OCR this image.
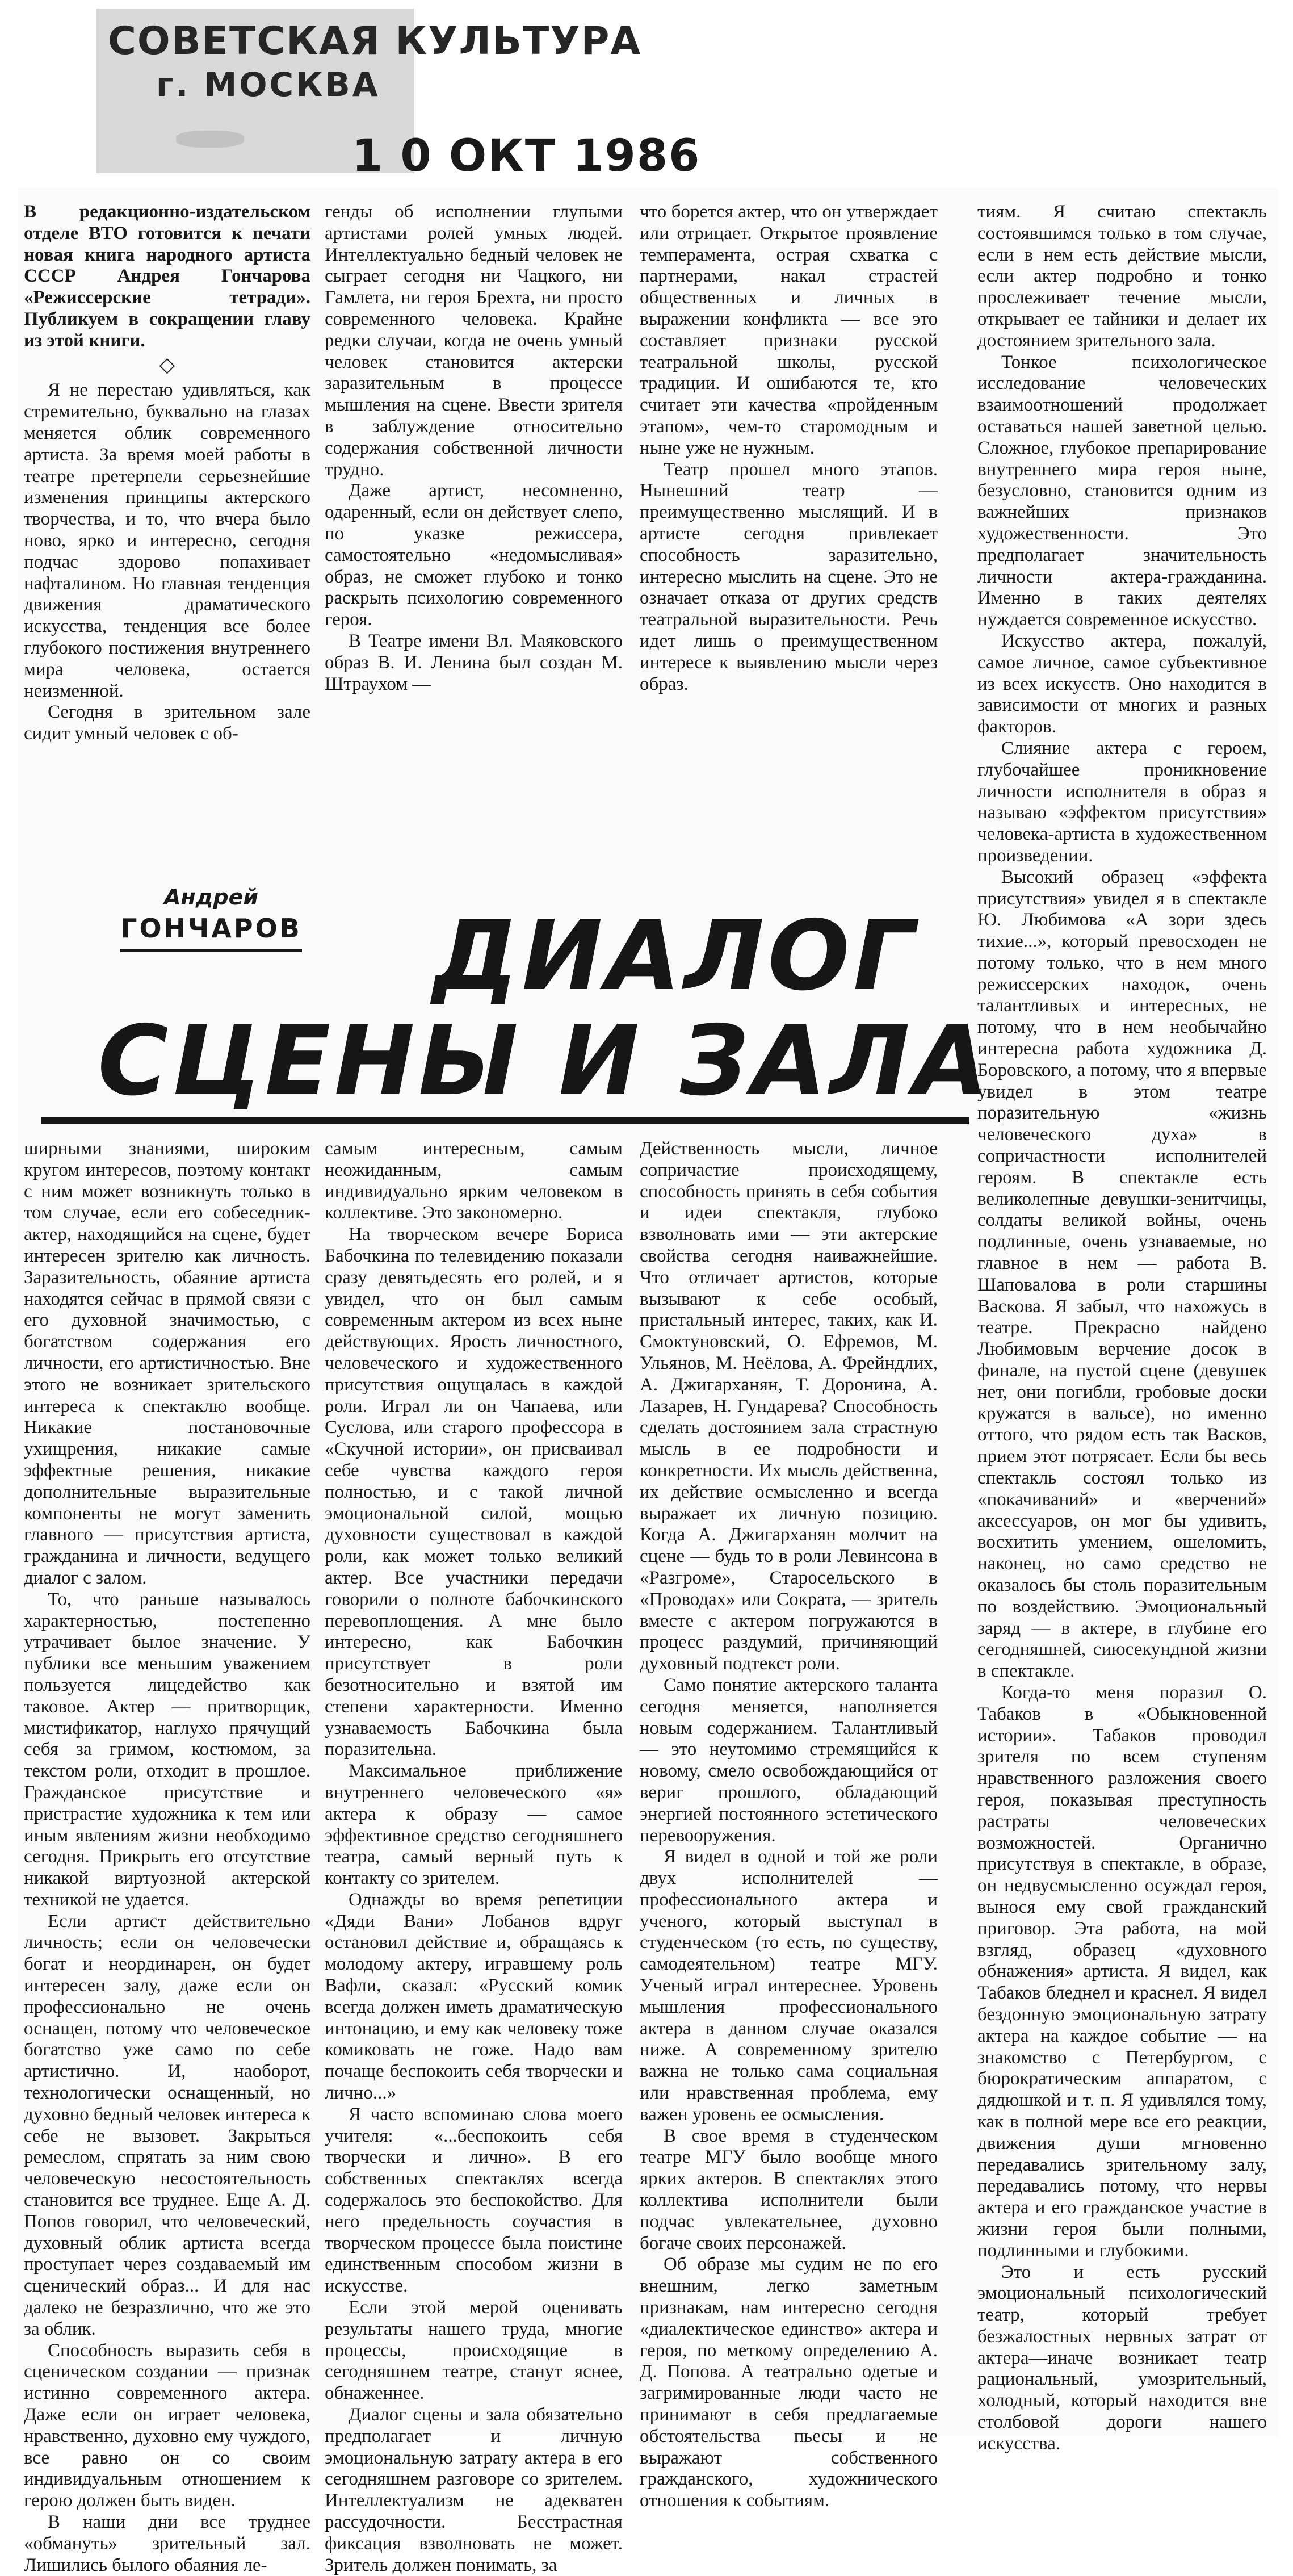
СОВЕТСКАЯ КУЛЬТУРА
г. МОСКВА
1 0 ОКТ 1986

В редакционно-издательском отделе ВТО готовится к печати новая книга народного артиста СССР Андрея Гончарова «Режиссерские тетради». Публикуем в сокращении главу из этой книги.

◇

Я не перестаю удивляться, как стремительно, буквально на глазах меняется облик современного артиста. За время моей работы в театре претерпели серьезнейшие изменения принципы актерского творчества, и то, что вчера было ново, ярко и интересно, сегодня подчас здорово попахивает нафталином. Но главная тенденция движения драматического искусства, тенденция все более глубокого постижения внутреннего мира человека, остается неизменной.

Сегодня в зрительном зале сидит умный человек с об-

генды об исполнении глупыми артистами ролей умных людей. Интеллектуально бедный человек не сыграет сегодня ни Чацкого, ни Гамлета, ни героя Брехта, ни просто современного человека. Крайне редки случаи, когда не очень умный человек становится актерски заразительным в процессе мышления на сцене. Ввести зрителя в заблуждение относительно содержания собственной личности трудно.

Даже артист, несомненно, одаренный, если он действует слепо, по указке режиссера, самостоятельно «недомысливая» образ, не сможет глубоко и тонко раскрыть психологию современного героя.

В Театре имени Вл. Маяковского образ В. И. Ленина был создан М. Штраухом —

что борется актер, что он утверждает или отрицает. Открытое проявление темперамента, острая схватка с партнерами, накал страстей общественных и личных в выражении конфликта — все это составляет признаки русской театральной школы, русской традиции. И ошибаются те, кто считает эти качества «пройденным этапом», чем-то старомодным и ныне уже не нужным.

Театр прошел много этапов. Нынешний театр — преимущественно мыслящий. И в артисте сегодня привлекает способность заразительно, интересно мыслить на сцене. Это не означает отказа от других средств театральной выразительности. Речь идет лишь о преимущественном интересе к выявлению мысли через образ.

тиям. Я считаю спектакль состоявшимся только в том случае, если в нем есть действие мысли, если актер подробно и тонко прослеживает течение мысли, открывает ее тайники и делает их достоянием зрительного зала.

Тонкое психологическое исследование человеческих взаимоотношений продолжает оставаться нашей заветной целью. Сложное, глубокое препарирование внутреннего мира героя ныне, безусловно, становится одним из важнейших признаков художественности. Это предполагает значительность личности актера-гражданина. Именно в таких деятелях нуждается современное искусство.

Искусство актера, пожалуй, самое личное, самое субъективное из всех искусств. Оно находится в зависимости от многих и разных факторов.

Слияние актера с героем, глубочайшее проникновение личности исполнителя в образ я называю «эффектом присутствия» человека-артиста в художественном произведении.

Высокий образец «эффекта присутствия» увидел я в спектакле Ю. Любимова «А зори здесь тихие...», который превосходен не потому только, что в нем много режиссерских находок, очень талантливых и интересных, не потому, что в нем необычайно интересна работа художника Д. Боровского, а потому, что я впервые увидел в этом театре поразительную «жизнь человеческого духа» в сопричастности исполнителей героям. В спектакле есть великолепные девушки-зенитчицы, солдаты великой войны, очень подлинные, очень узнаваемые, но главное в нем — работа В. Шаповалова в роли старшины Васкова. Я забыл, что нахожусь в театре. Прекрасно найдено Любимовым верчение досок в финале, на пустой сцене (девушек нет, они погибли, гробовые доски кружатся в вальсе), но именно оттого, что рядом есть так Васков, прием этот потрясает. Если бы весь спектакль состоял только из «покачиваний» и «верчений» аксессуаров, он мог бы удивить, восхитить умением, ошеломить, наконец, но само средство не оказалось бы столь поразительным по воздействию. Эмоциональный заряд — в актере, в глубине его сегодняшней, сиюсекундной жизни в спектакле.

Когда-то меня поразил О. Табаков в «Обыкновенной истории». Табаков проводил зрителя по всем ступеням нравственного разложения своего героя, показывая преступность растраты человеческих возможностей. Органично присутствуя в спектакле, в образе, он недвусмысленно осуждал героя, вынося ему свой гражданский приговор. Эта работа, на мой взгляд, образец «духовного обнажения» артиста. Я видел, как Табаков бледнел и краснел. Я видел бездонную эмоциональную затрату актера на каждое событие — на знакомство с Петербургом, с бюрократическим аппаратом, с дядюшкой и т. п. Я удивлялся тому, как в полной мере все его реакции, движения души мгновенно передавались зрительному залу, передавались потому, что нервы актера и его гражданское участие в жизни героя были полными, подлинными и глубокими.

Это и есть русский эмоциональный психологический театр, который требует безжалостных нервных затрат от актера—иначе возникает театр рациональный, умозрительный, холодный, который находится вне столбовой дороги нашего искусства.

Андрей
ГОНЧАРОВ ДИАЛОГ
СЦЕНЫ И ЗАЛА

ширными знаниями, широким кругом интересов, поэтому контакт с ним может возникнуть только в том случае, если его собеседник-актер, находящийся на сцене, будет интересен зрителю как личность. Заразительность, обаяние артиста находятся сейчас в прямой связи с его духовной значимостью, с богатством содержания его личности, его артистичностью. Вне этого не возникает зрительского интереса к спектаклю вообще. Никакие постановочные ухищрения, никакие самые эффектные решения, никакие дополнительные выразительные компоненты не могут заменить главного — присутствия артиста, гражданина и личности, ведущего диалог с залом.

То, что раньше называлось характерностью, постепенно утрачивает былое значение. У публики все меньшим уважением пользуется лицедейство как таковое. Актер — притворщик, мистификатор, наглухо прячущий себя за гримом, костюмом, за текстом роли, отходит в прошлое. Гражданское присутствие и пристрастие художника к тем или иным явлениям жизни необходимо сегодня. Прикрыть его отсутствие никакой виртуозной актерской техникой не удается.

Если артист действительно личность; если он человечески богат и неординарен, он будет интересен залу, даже если он профессионально не очень оснащен, потому что человеческое богатство уже само по себе артистично. И, наоборот, технологически оснащенный, но духовно бедный человек интереса к себе не вызовет. Закрыться ремеслом, спрятать за ним свою человеческую несостоятельность становится все труднее. Еще А. Д. Попов говорил, что человеческий, духовный облик артиста всегда проступает через создаваемый им сценический образ... И для нас далеко не безразлично, что же это за облик.

Способность выразить себя в сценическом создании — признак истинно современного актера. Даже если он играет человека, нравственно, духовно ему чуждого, все равно он со своим индивидуальным отношением к герою должен быть виден.

В наши дни все труднее «обмануть» зрительный зал. Лишились былого обаяния ле-

самым интересным, самым неожиданным, самым индивидуально ярким человеком в коллективе. Это закономерно.

На творческом вечере Бориса Бабочкина по телевидению показали сразу девятьдесять его ролей, и я увидел, что он был самым современным актером из всех ныне действующих. Ярость личностного, человеческого и художественного присутствия ощущалась в каждой роли. Играл ли он Чапаева, или Суслова, или старого профессора в «Скучной истории», он присваивал себе чувства каждого героя полностью, и с такой личной эмоциональной силой, мощью духовности существовал в каждой роли, как может только великий актер. Все участники передачи говорили о полноте бабочкинского перевоплощения. А мне было интересно, как Бабочкин присутствует в роли безотносительно и взятой им степени характерности. Именно узнаваемость Бабочкина была поразительна.

Максимальное приближение внутреннего человеческого «я» актера к образу — самое эффективное средство сегодняшнего театра, самый верный путь к контакту со зрителем.

Однажды во время репетиции «Дяди Вани» Лобанов вдруг остановил действие и, обращаясь к молодому актеру, игравшему роль Вафли, сказал: «Русский комик всегда должен иметь драматическую интонацию, и ему как человеку тоже комиковать не гоже. Надо вам почаще беспокоить себя творчески и лично...»

Я часто вспоминаю слова моего учителя: «...беспокоить себя творчески и лично». В его собственных спектаклях всегда содержалось это беспокойство. Для него предельность соучастия в творческом процессе была поистине единственным способом жизни в искусстве.

Если этой мерой оценивать результаты нашего труда, многие процессы, происходящие в сегодняшнем театре, станут яснее, обнаженнее.

Диалог сцены и зала обязательно предполагает и личную эмоциональную затрату актера в его сегодняшнем разговоре со зрителем. Интеллектуализм не адекватен рассудочности. Бесстрастная фиксация взволновать не может. Зритель должен понимать, за

Действенность мысли, личное сопричастие происходящему, способность принять в себя события и идеи спектакля, глубоко взволновать ими — эти актерские свойства сегодня наиважнейшие. Что отличает артистов, которые вызывают к себе особый, пристальный интерес, таких, как И. Смоктуновский, О. Ефремов, М. Ульянов, М. Неёлова, А. Фрейндлих, А. Джигарханян, Т. Доронина, А. Лазарев, Н. Гундарева? Способность сделать достоянием зала страстную мысль в ее подробности и конкретности. Их мысль действенна, их действие осмысленно и всегда выражает их личную позицию. Когда А. Джигарханян молчит на сцене — будь то в роли Левинсона в «Разгроме», Старосельского в «Проводах» или Сократа, — зритель вместе с актером погружаются в процесс раздумий, причиняющий духовный подтекст роли.

Само понятие актерского таланта сегодня меняется, наполняется новым содержанием. Талантливый — это неутомимо стремящийся к новому, смело освобождающийся от вериг прошлого, обладающий энергией постоянного эстетического перевооружения.

Я видел в одной и той же роли двух исполнителей — профессионального актера и ученого, который выступал в студенческом (то есть, по существу, самодеятельном) театре МГУ. Ученый играл интереснее. Уровень мышления профессионального актера в данном случае оказался ниже. А современному зрителю важна не только сама социальная или нравственная проблема, ему важен уровень ее осмысления.

В свое время в студенческом театре МГУ было вообще много ярких актеров. В спектаклях этого коллектива исполнители были подчас увлекательнее, духовно богаче своих персонажей.

Об образе мы судим не по его внешним, легко заметным признакам, нам интересно сегодня «диалектическое единство» актера и героя, по меткому определению А. Д. Попова. А театрально одетые и загримированные люди часто не принимают в себя предлагаемые обстоятельства пьесы и не выражают собственного гражданского, художнического отношения к событиям.
